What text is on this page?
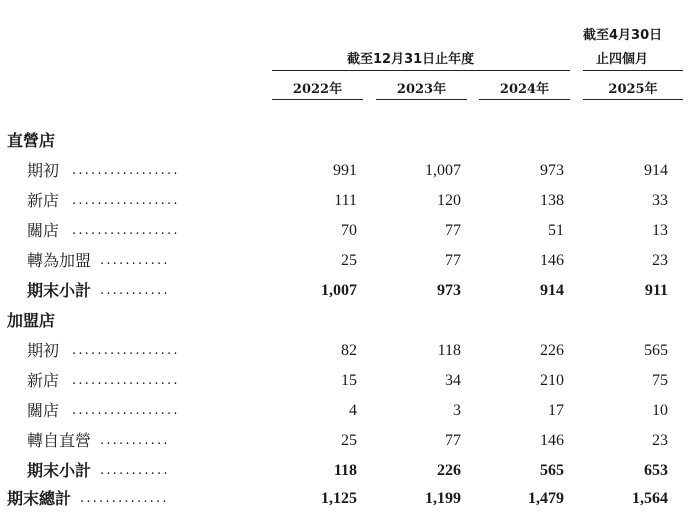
截至4月30日
止四個月
截至12月31日止年度
2022年	2023年	2024年	2025年
直營店
期初 .................	991	1,007	973	914
新店 .................	111	120	138	33
關店 .................	70	77	51	13
轉為加盟 ...........	25	77	146	23
期末小計 ...........	1,007	973	914	911
加盟店
期初 .................	82	118	226	565
新店 .................	15	34	210	75
關店 .................	4	3	17	10
轉自直營 ...........	25	77	146	23
期末小計 ...........	118	226	565	653
期末總計 ..............	1,125	1,199	1,479	1,564
